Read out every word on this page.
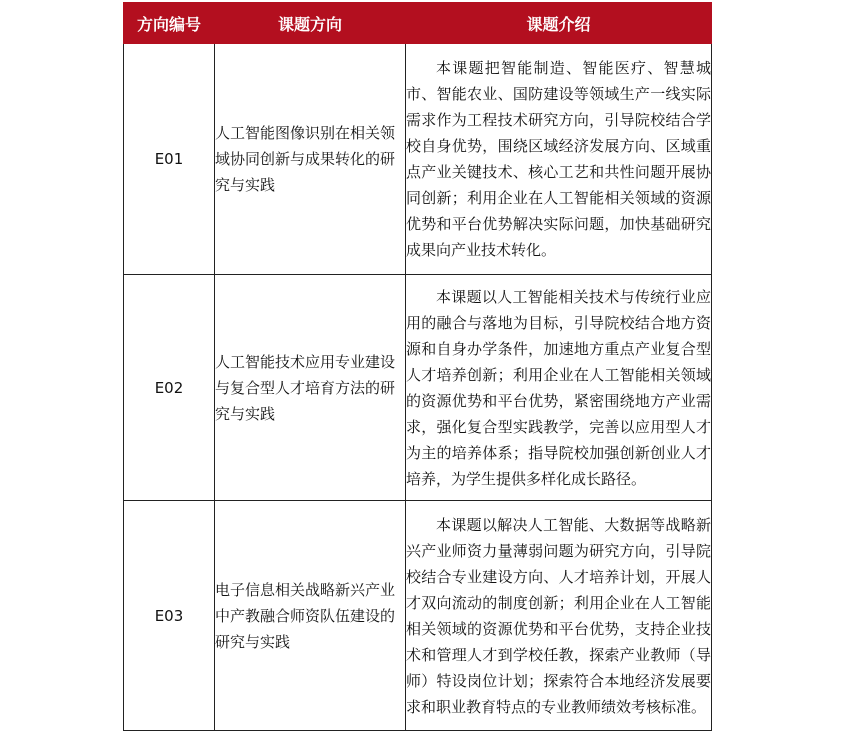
方向编号	课题方向	课题介绍
E01	人工智能图像识别在相关领域协同创新与成果转化的研究与实践	本课题把智能制造、智能医疗、智慧城市、智能农业、国防建设等领域生产一线实际需求作为工程技术研究方向，引导院校结合学校自身优势，围绕区域经济发展方向、区域重点产业关键技术、核心工艺和共性问题开展协同创新；利用企业在人工智能相关领域的资源优势和平台优势解决实际问题，加快基础研究成果向产业技术转化。
E02	人工智能技术应用专业建设与复合型人才培育方法的研究与实践	本课题以人工智能相关技术与传统行业应用的融合与落地为目标，引导院校结合地方资源和自身办学条件，加速地方重点产业复合型人才培养创新；利用企业在人工智能相关领域的资源优势和平台优势，紧密围绕地方产业需求，强化复合型实践教学，完善以应用型人才为主的培养体系；指导院校加强创新创业人才培养，为学生提供多样化成长路径。
E03	电子信息相关战略新兴产业中产教融合师资队伍建设的研究与实践	本课题以解决人工智能、大数据等战略新兴产业师资力量薄弱问题为研究方向，引导院校结合专业建设方向、人才培养计划，开展人才双向流动的制度创新；利用企业在人工智能相关领域的资源优势和平台优势，支持企业技术和管理人才到学校任教，探索产业教师（导师）特设岗位计划；探索符合本地经济发展要求和职业教育特点的专业教师绩效考核标准。
